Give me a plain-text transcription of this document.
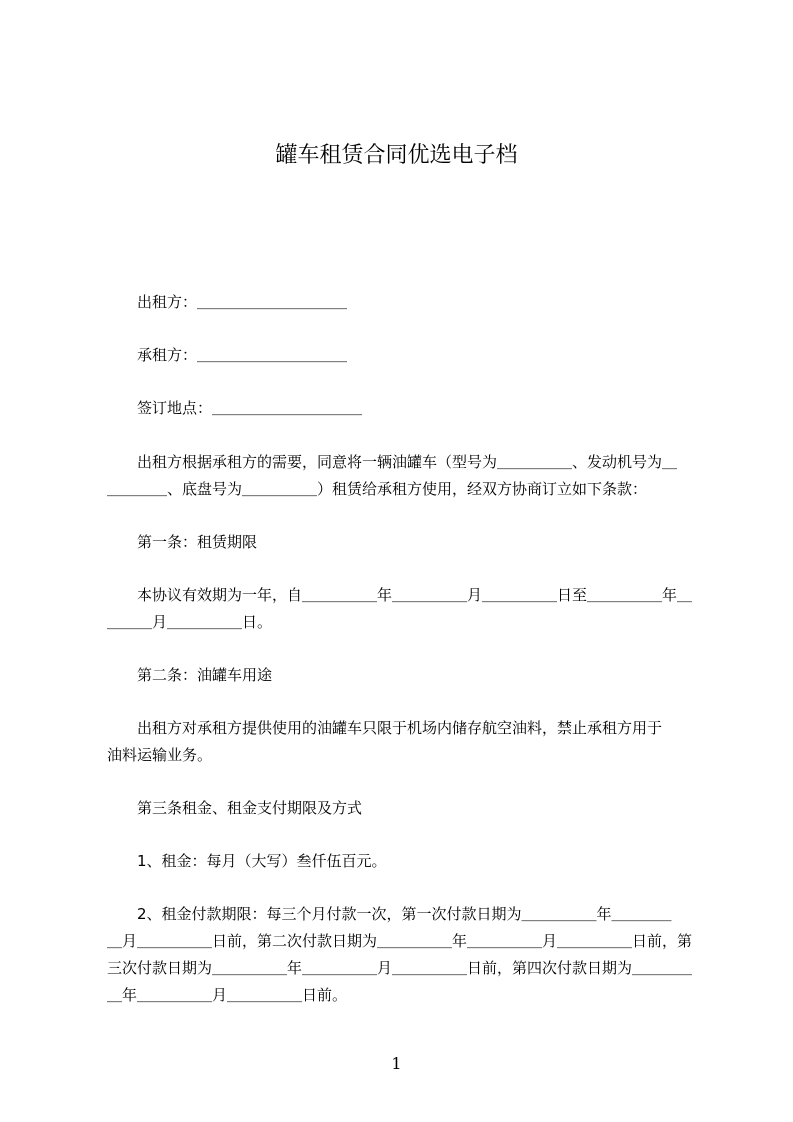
罐车租赁合同优选电子档
　　出租方：＿＿＿＿＿＿＿＿＿＿
　　承租方：＿＿＿＿＿＿＿＿＿＿
　　签订地点：＿＿＿＿＿＿＿＿＿＿
　　出租方根据承租方的需要，同意将一辆油罐车（型号为＿＿＿＿＿、发动机号为＿
＿＿＿＿、底盘号为＿＿＿＿＿）租赁给承租方使用，经双方协商订立如下条款：
　　第一条：租赁期限
　　本协议有效期为一年，自＿＿＿＿＿年＿＿＿＿＿月＿＿＿＿＿日至＿＿＿＿＿年＿
＿＿＿月＿＿＿＿＿日。
　　第二条：油罐车用途
　　出租方对承租方提供使用的油罐车只限于机场内储存航空油料，禁止承租方用于
油料运输业务。
　　第三条租金、租金支付期限及方式
　　1、租金：每月（大写）叁仟伍百元。
　　2、租金付款期限：每三个月付款一次，第一次付款日期为＿＿＿＿＿年＿＿＿＿
＿月＿＿＿＿＿日前，第二次付款日期为＿＿＿＿＿年＿＿＿＿＿月＿＿＿＿＿日前，第
三次付款日期为＿＿＿＿＿年＿＿＿＿＿月＿＿＿＿＿日前，第四次付款日期为＿＿＿＿
＿年＿＿＿＿＿月＿＿＿＿＿日前。
1
